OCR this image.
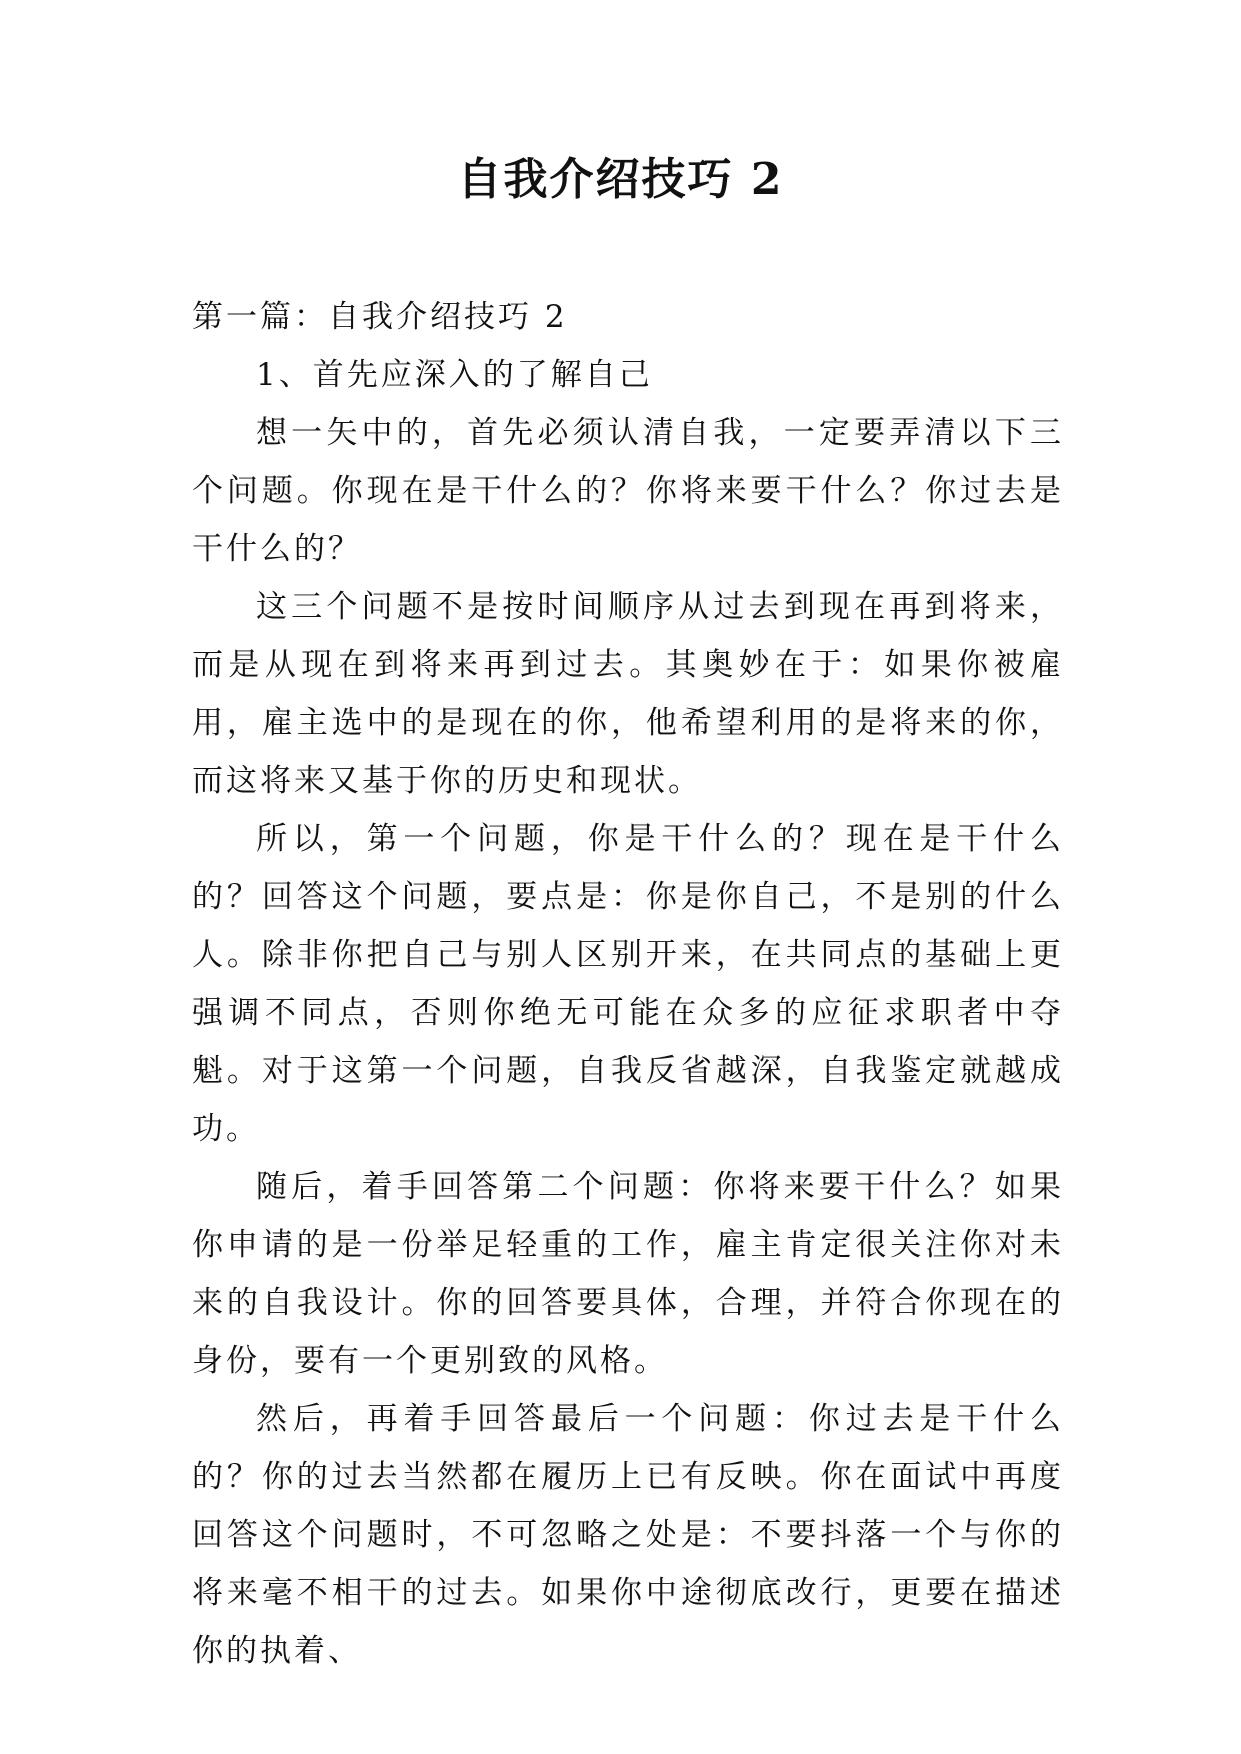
自我介绍技巧 2

第一篇：自我介绍技巧 2

1、首先应深入的了解自己

想一矢中的，首先必须认清自我，一定要弄清以下三个问题。你现在是干什么的？你将来要干什么？你过去是干什么的？

这三个问题不是按时间顺序从过去到现在再到将来，而是从现在到将来再到过去。其奥妙在于：如果你被雇用，雇主选中的是现在的你，他希望利用的是将来的你，而这将来又基于你的历史和现状。

所以，第一个问题，你是干什么的？现在是干什么的？回答这个问题，要点是：你是你自己，不是别的什么人。除非你把自己与别人区别开来，在共同点的基础上更强调不同点，否则你绝无可能在众多的应征求职者中夺魁。对于这第一个问题，自我反省越深，自我鉴定就越成功。

随后，着手回答第二个问题：你将来要干什么？如果你申请的是一份举足轻重的工作，雇主肯定很关注你对未来的自我设计。你的回答要具体，合理，并符合你现在的身份，要有一个更别致的风格。

然后，再着手回答最后一个问题：你过去是干什么的？你的过去当然都在履历上已有反映。你在面试中再度回答这个问题时，不可忽略之处是：不要抖落一个与你的将来毫不相干的过去。如果你中途彻底改行，更要在描述你的执着、
